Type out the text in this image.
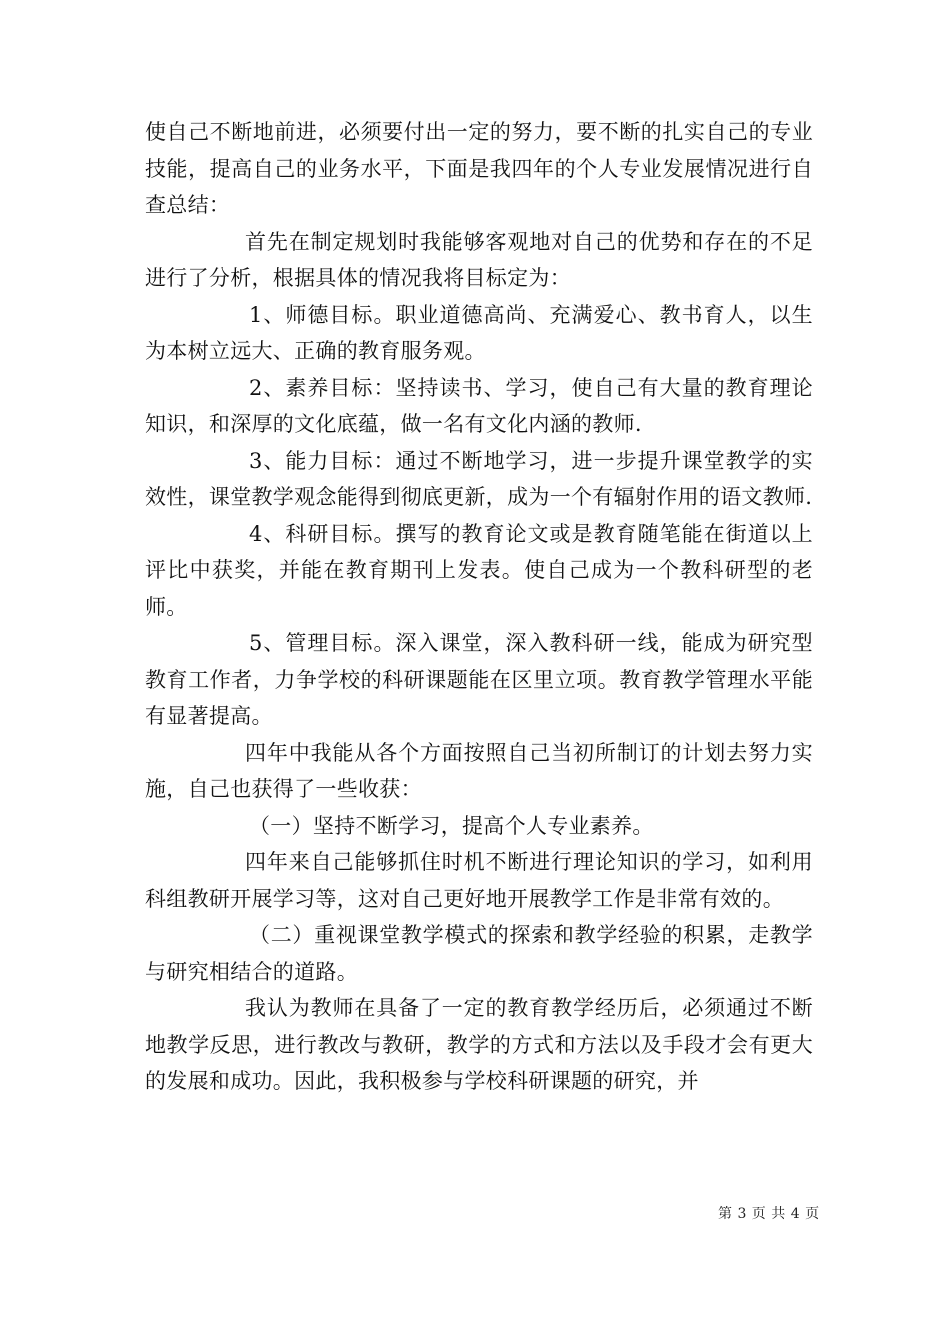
使自己不断地前进，必须要付出一定的努力，要不断的扎实自己的专业技能，提高自己的业务水平，下面是我四年的个人专业发展情况进行自查总结：

首先在制定规划时我能够客观地对自己的优势和存在的不足进行了分析，根据具体的情况我将目标定为：

1、师德目标。职业道德高尚、充满爱心、教书育人，以生为本树立远大、正确的教育服务观。

2、素养目标：坚持读书、学习，使自己有大量的教育理论知识，和深厚的文化底蕴，做一名有文化内涵的教师.

3、能力目标：通过不断地学习，进一步提升课堂教学的实效性，课堂教学观念能得到彻底更新，成为一个有辐射作用的语文教师.

4、科研目标。撰写的教育论文或是教育随笔能在街道以上评比中获奖，并能在教育期刊上发表。使自己成为一个教科研型的老师。

5、管理目标。深入课堂，深入教科研一线，能成为研究型教育工作者，力争学校的科研课题能在区里立项。教育教学管理水平能有显著提高。

四年中我能从各个方面按照自己当初所制订的计划去努力实施，自己也获得了一些收获：

（一）坚持不断学习，提高个人专业素养。

四年来自己能够抓住时机不断进行理论知识的学习，如利用科组教研开展学习等，这对自己更好地开展教学工作是非常有效的。

（二）重视课堂教学模式的探索和教学经验的积累，走教学与研究相结合的道路。

我认为教师在具备了一定的教育教学经历后，必须通过不断地教学反思，进行教改与教研，教学的方式和方法以及手段才会有更大的发展和成功。因此，我积极参与学校科研课题的研究，并

第 3 页 共 4 页
